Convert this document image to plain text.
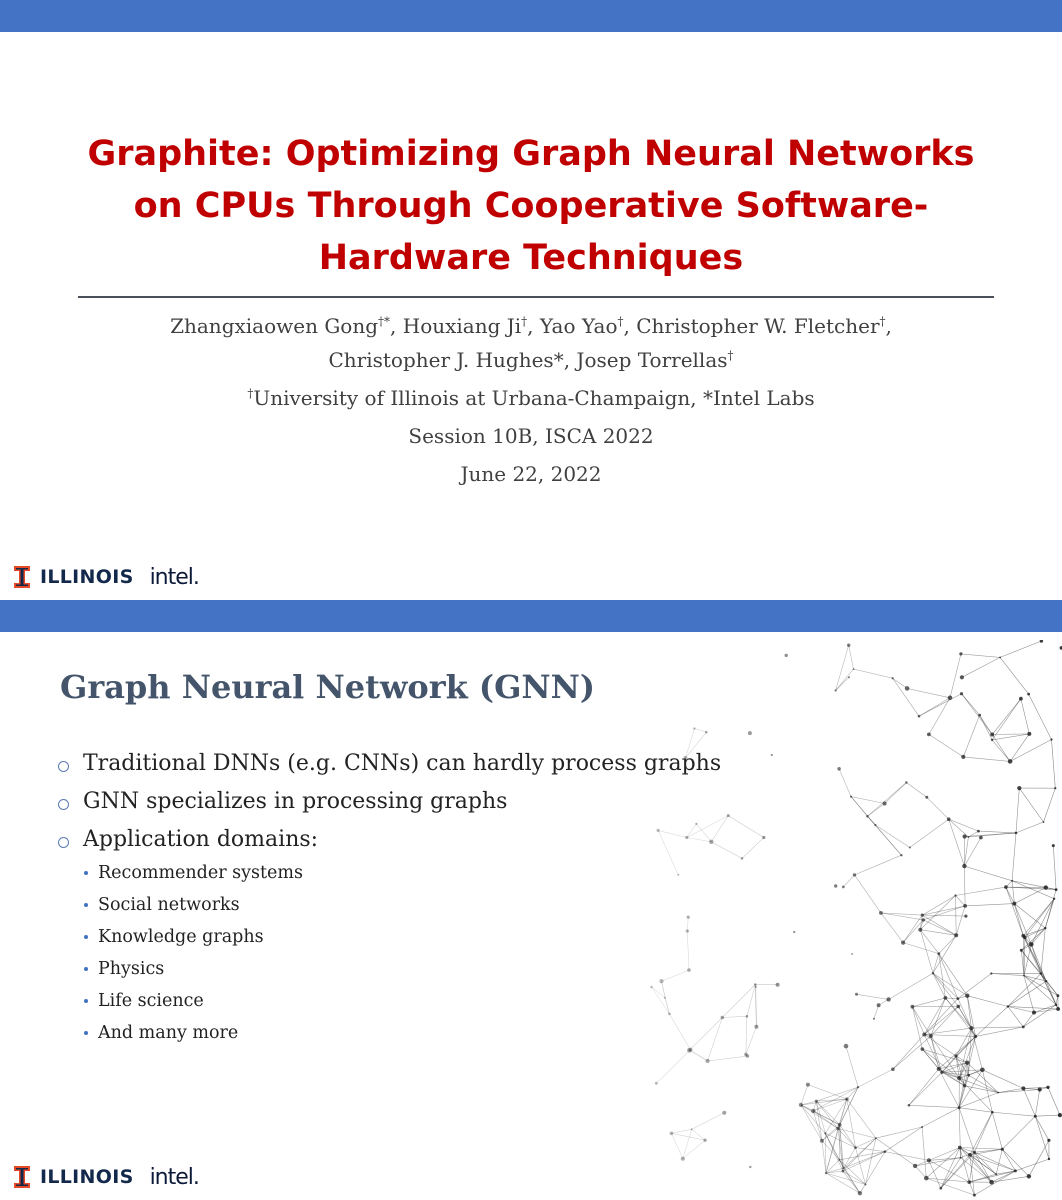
Graphite: Optimizing Graph Neural Networks
on CPUs Through Cooperative Software-
Hardware Techniques
Zhangxiaowen Gong†*, Houxiang Ji†, Yao Yao†, Christopher W. Fletcher†,
Christopher J. Hughes*, Josep Torrellas†
†University of Illinois at Urbana-Champaign, *Intel Labs
Session 10B, ISCA 2022
June 22, 2022
ILLINOIS intel.
Graph Neural Network (GNN)
Traditional DNNs (e.g. CNNs) can hardly process graphs
GNN specializes in processing graphs
Application domains:
Recommender systems
Social networks
Knowledge graphs
Physics
Life science
And many more
ILLINOIS intel.
